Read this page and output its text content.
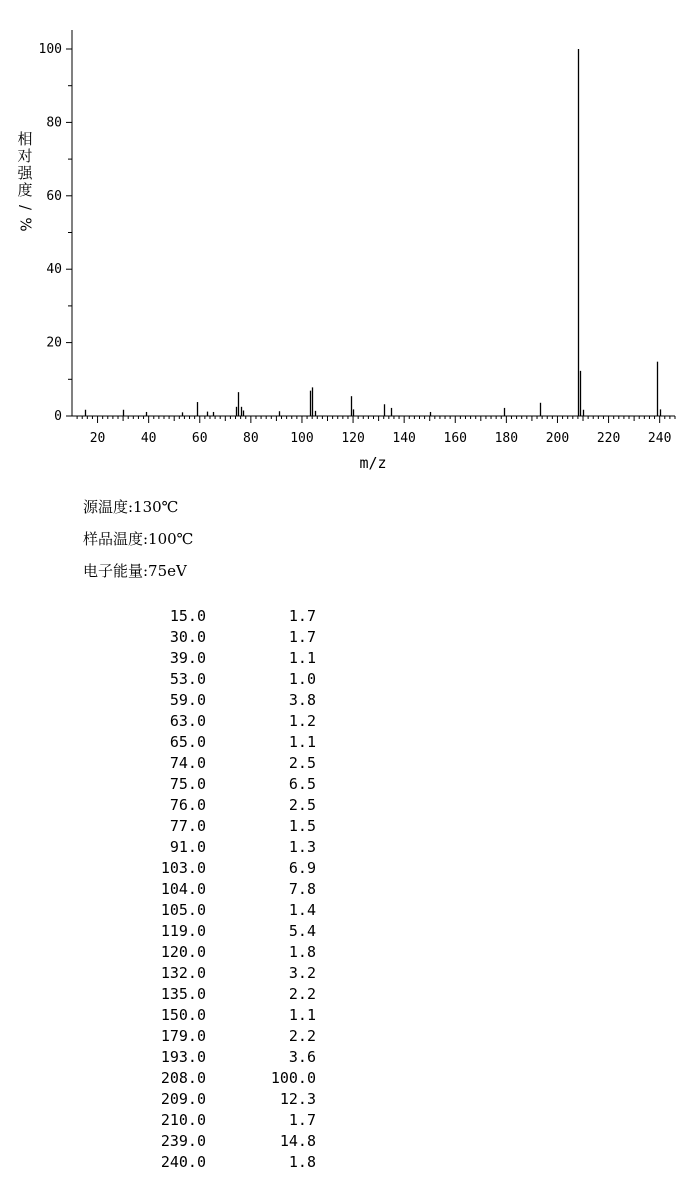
0
20
40
60
80
100
20	40	60	80 100 120 140 160 180 200 220 240
m/z
相
对
强
度
/
%
源温度:130℃
样品温度:100℃
电子能量:75eV
15.0	1.7
30.0	1.7
39.0	1.1
53.0	1.0
59.0	3.8
63.0	1.2
65.0	1.1
74.0	2.5
75.0	6.5
76.0	2.5
77.0	1.5
91.0	1.3
103.0	6.9
104.0	7.8
105.0	1.4
119.0	5.4
120.0	1.8
132.0	3.2
135.0	2.2
150.0	1.1
179.0	2.2
193.0	3.6
208.0	100.0
209.0	12.3
210.0	1.7
239.0	14.8
240.0	1.8
